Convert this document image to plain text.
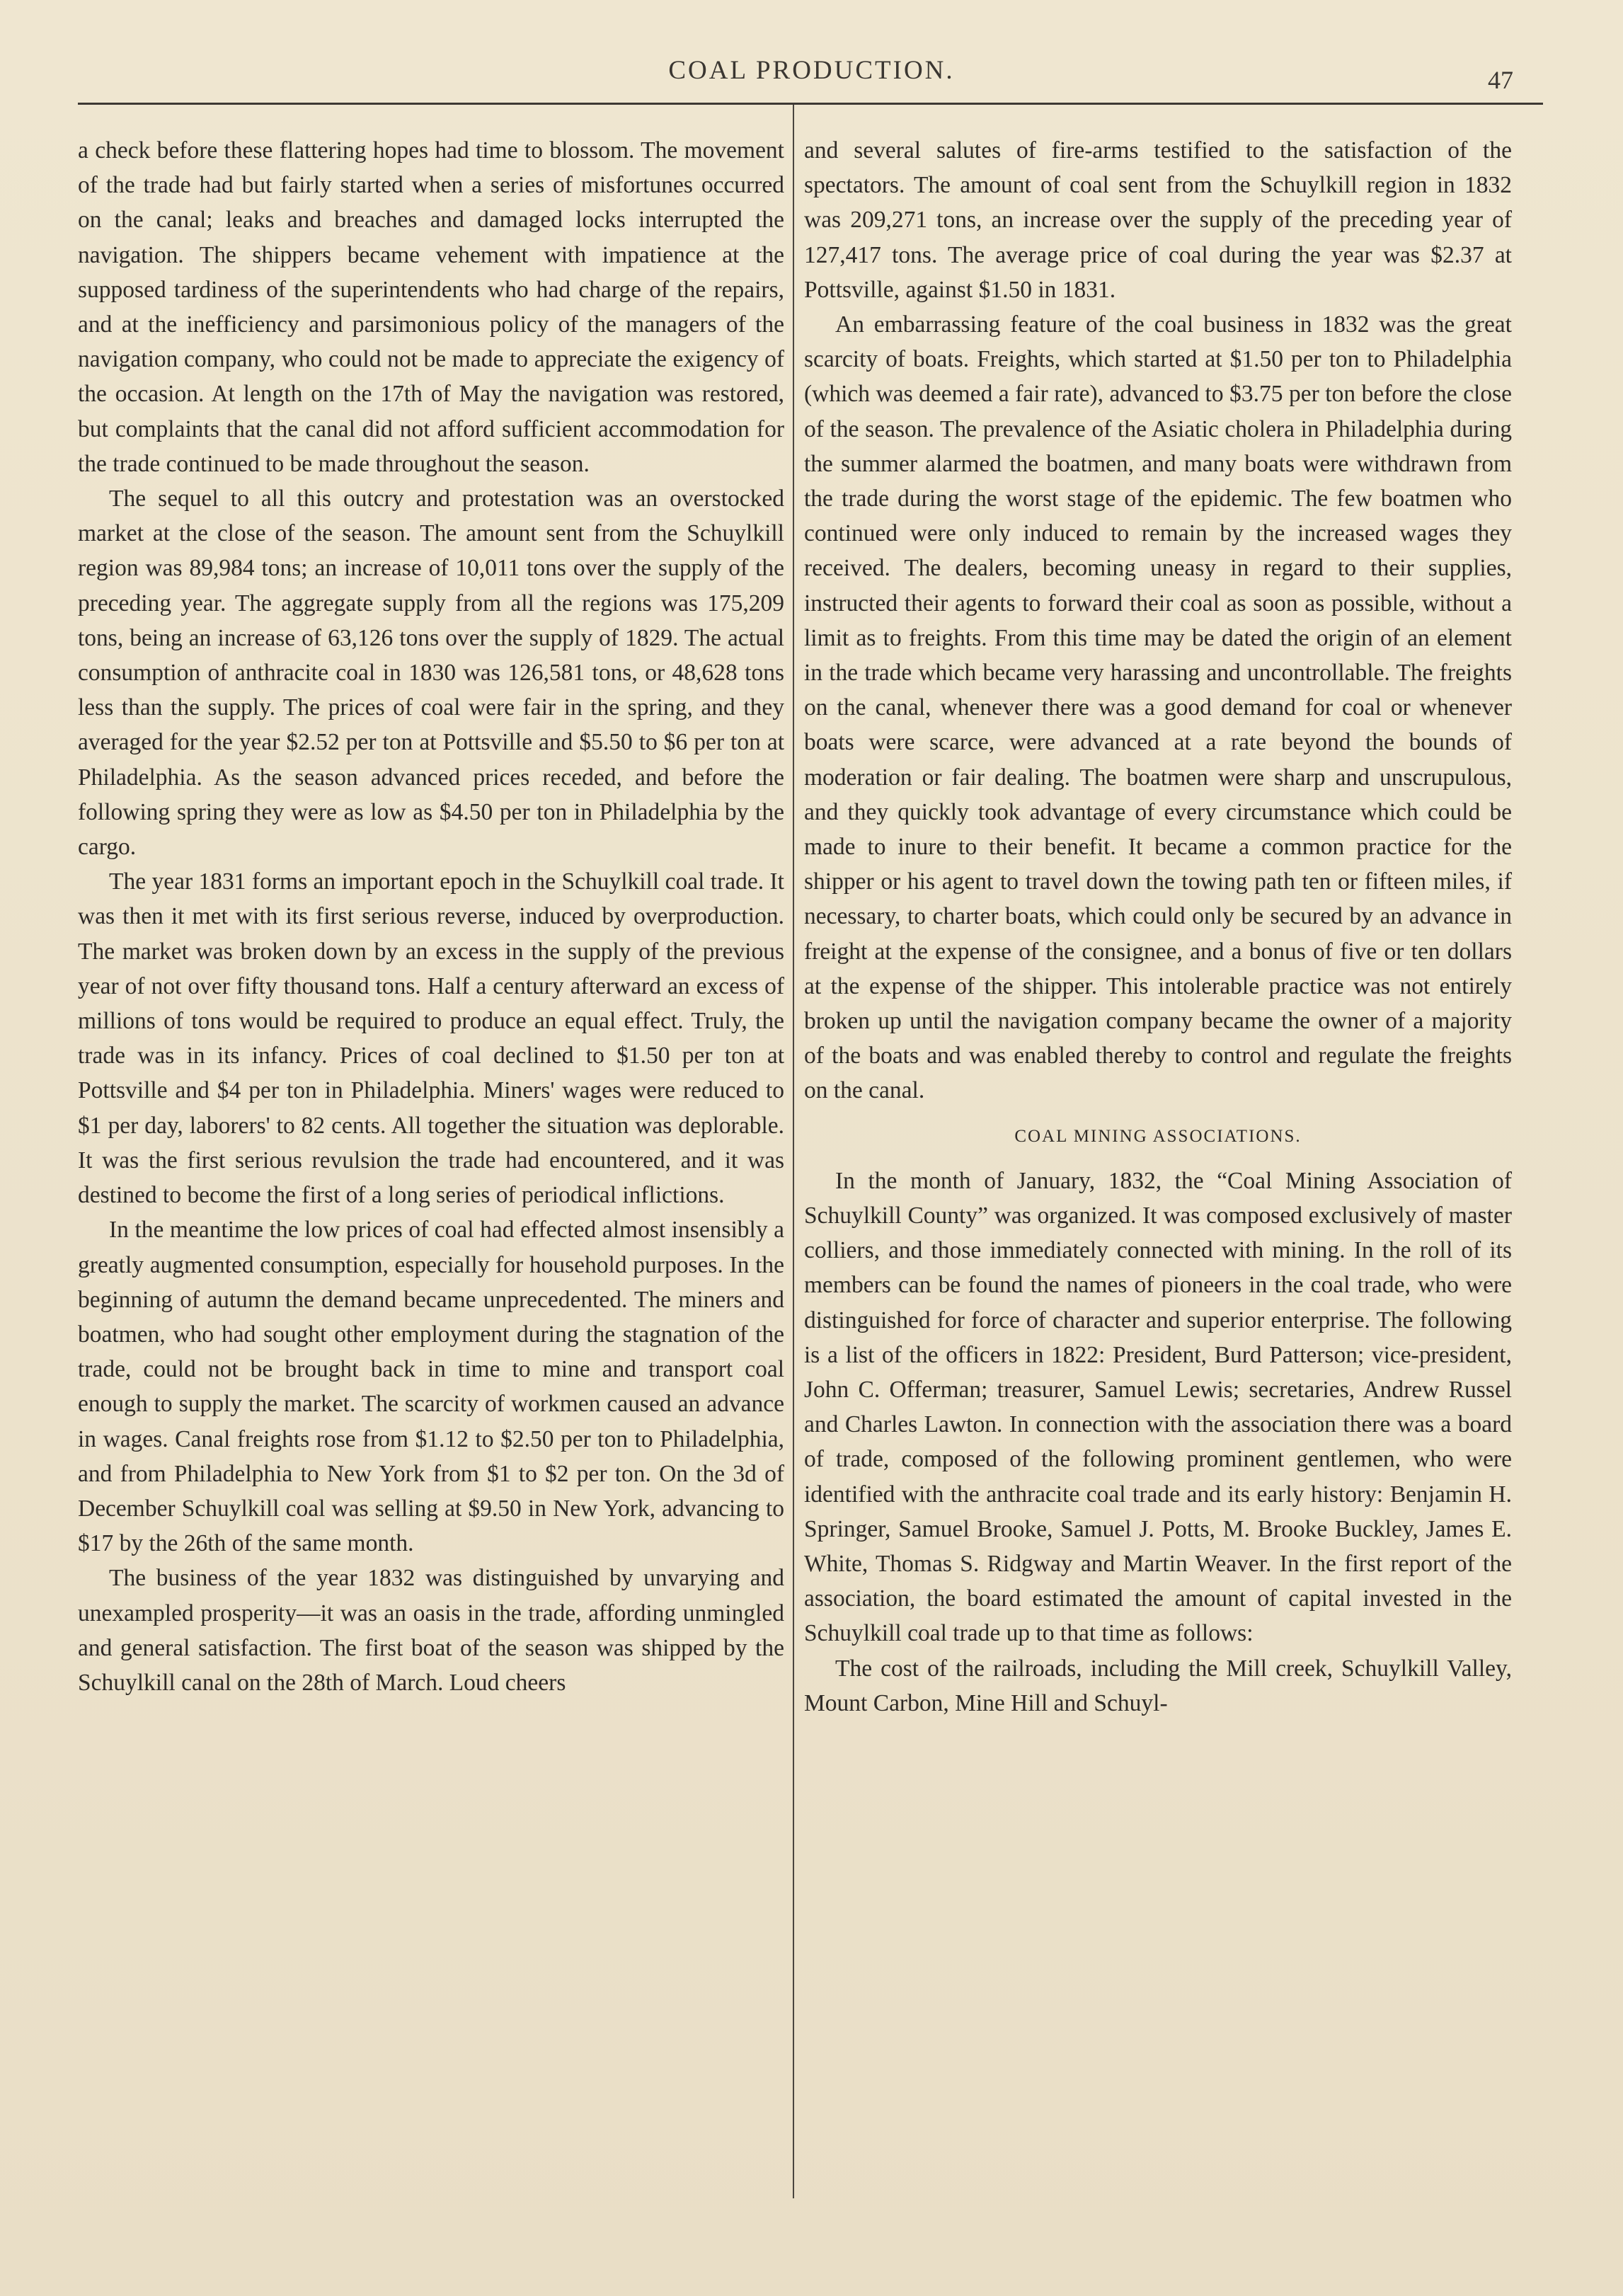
COAL PRODUCTION.	47

a check before these flattering hopes had time to blossom. The movement of the trade had but fairly started when a series of misfortunes occurred on the canal; leaks and breaches and damaged locks interrupted the navigation. The shippers became vehement with impatience at the supposed tardiness of the superintendents who had charge of the repairs, and at the inefficiency and parsimonious policy of the managers of the navigation company, who could not be made to appreciate the exigency of the occasion. At length on the 17th of May the navigation was restored, but complaints that the canal did not afford sufficient accommodation for the trade continued to be made throughout the season.

The sequel to all this outcry and protestation was an overstocked market at the close of the season. The amount sent from the Schuylkill region was 89,984 tons; an increase of 10,011 tons over the supply of the preceding year. The aggregate supply from all the regions was 175,209 tons, being an increase of 63,126 tons over the supply of 1829. The actual consumption of anthracite coal in 1830 was 126,581 tons, or 48,628 tons less than the supply. The prices of coal were fair in the spring, and they averaged for the year $2.52 per ton at Pottsville and $5.50 to $6 per ton at Philadelphia. As the season advanced prices receded, and before the following spring they were as low as $4.50 per ton in Philadelphia by the cargo.

The year 1831 forms an important epoch in the Schuylkill coal trade. It was then it met with its first serious reverse, induced by overproduction. The market was broken down by an excess in the supply of the previous year of not over fifty thousand tons. Half a century afterward an excess of millions of tons would be required to produce an equal effect. Truly, the trade was in its infancy. Prices of coal declined to $1.50 per ton at Pottsville and $4 per ton in Philadelphia. Miners' wages were reduced to $1 per day, laborers' to 82 cents. All together the situation was deplorable. It was the first serious revulsion the trade had encountered, and it was destined to become the first of a long series of periodical inflictions.

In the meantime the low prices of coal had effected almost insensibly a greatly augmented consumption, especially for household purposes. In the beginning of autumn the demand became unprecedented. The miners and boatmen, who had sought other employment during the stagnation of the trade, could not be brought back in time to mine and transport coal enough to supply the market. The scarcity of workmen caused an advance in wages. Canal freights rose from $1.12 to $2.50 per ton to Philadelphia, and from Philadelphia to New York from $1 to $2 per ton. On the 3d of December Schuylkill coal was selling at $9.50 in New York, advancing to $17 by the 26th of the same month.

The business of the year 1832 was distinguished by unvarying and unexampled prosperity—it was an oasis in the trade, affording unmingled and general satisfaction. The first boat of the season was shipped by the Schuylkill canal on the 28th of March. Loud cheers

and several salutes of fire-arms testified to the satisfaction of the spectators. The amount of coal sent from the Schuylkill region in 1832 was 209,271 tons, an increase over the supply of the preceding year of 127,417 tons. The average price of coal during the year was $2.37 at Pottsville, against $1.50 in 1831.

An embarrassing feature of the coal business in 1832 was the great scarcity of boats. Freights, which started at $1.50 per ton to Philadelphia (which was deemed a fair rate), advanced to $3.75 per ton before the close of the season. The prevalence of the Asiatic cholera in Philadelphia during the summer alarmed the boatmen, and many boats were withdrawn from the trade during the worst stage of the epidemic. The few boatmen who continued were only induced to remain by the increased wages they received. The dealers, becoming uneasy in regard to their supplies, instructed their agents to forward their coal as soon as possible, without a limit as to freights. From this time may be dated the origin of an element in the trade which became very harassing and uncontrollable. The freights on the canal, whenever there was a good demand for coal or whenever boats were scarce, were advanced at a rate beyond the bounds of moderation or fair dealing. The boatmen were sharp and unscrupulous, and they quickly took advantage of every circumstance which could be made to inure to their benefit. It became a common practice for the shipper or his agent to travel down the towing path ten or fifteen miles, if necessary, to charter boats, which could only be secured by an advance in freight at the expense of the consignee, and a bonus of five or ten dollars at the expense of the shipper. This intolerable practice was not entirely broken up until the navigation company became the owner of a majority of the boats and was enabled thereby to control and regulate the freights on the canal.

COAL MINING ASSOCIATIONS.

In the month of January, 1832, the “Coal Mining Association of Schuylkill County” was organized. It was composed exclusively of master colliers, and those immediately connected with mining. In the roll of its members can be found the names of pioneers in the coal trade, who were distinguished for force of character and superior enterprise. The following is a list of the officers in 1822: President, Burd Patterson; vice-president, John C. Offerman; treasurer, Samuel Lewis; secretaries, Andrew Russel and Charles Lawton. In connection with the association there was a board of trade, composed of the following prominent gentlemen, who were identified with the anthracite coal trade and its early history: Benjamin H. Springer, Samuel Brooke, Samuel J. Potts, M. Brooke Buckley, James E. White, Thomas S. Ridgway and Martin Weaver. In the first report of the association, the board estimated the amount of capital invested in the Schuylkill coal trade up to that time as follows:

The cost of the railroads, including the Mill creek, Schuylkill Valley, Mount Carbon, Mine Hill and Schuyl-
